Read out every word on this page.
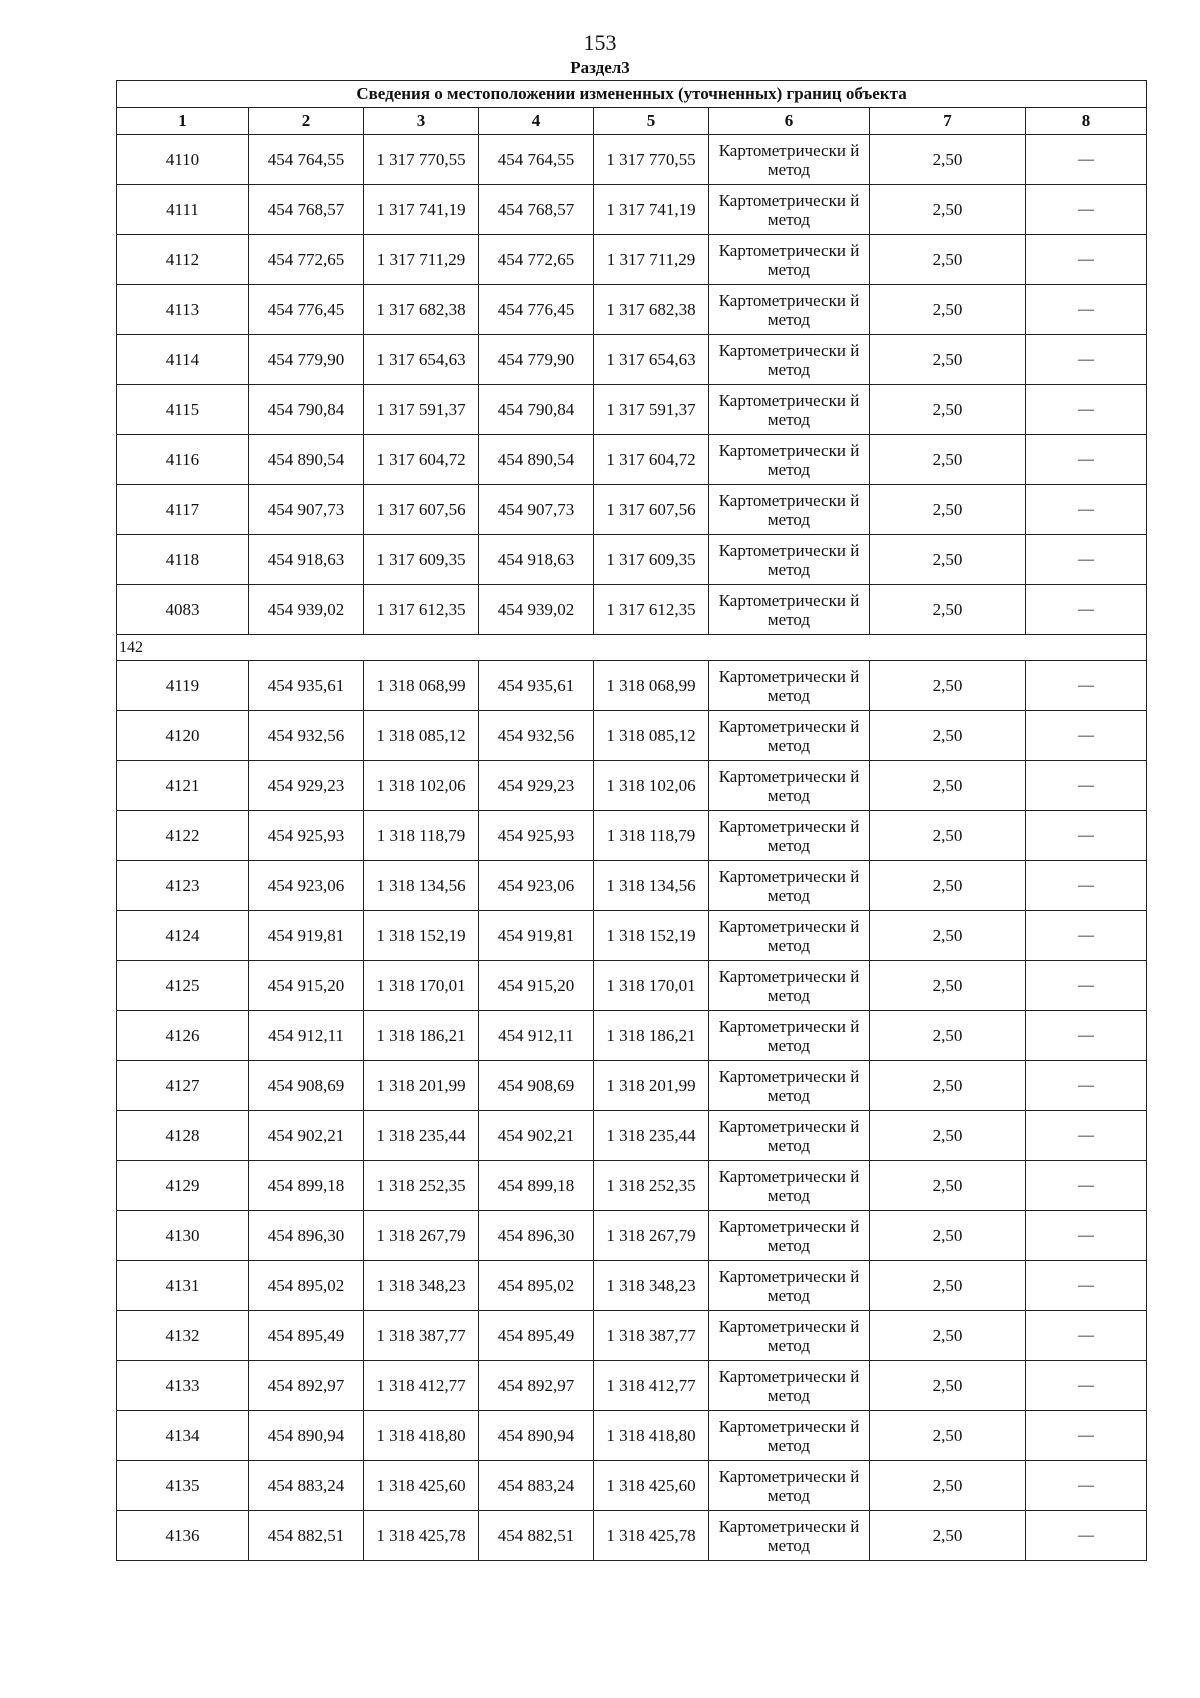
153
Раздел3
Сведения о местоположении измененных (уточненных) границ объекта							
1	2	3	4	5	6	7	8
4110	454 764,55	1 317 770,55	454 764,55	1 317 770,55	Картометрически й метод	2,50	—
4111	454 768,57	1 317 741,19	454 768,57	1 317 741,19	Картометрически й метод	2,50	—
4112	454 772,65	1 317 711,29	454 772,65	1 317 711,29	Картометрически й метод	2,50	—
4113	454 776,45	1 317 682,38	454 776,45	1 317 682,38	Картометрически й метод	2,50	—
4114	454 779,90	1 317 654,63	454 779,90	1 317 654,63	Картометрически й метод	2,50	—
4115	454 790,84	1 317 591,37	454 790,84	1 317 591,37	Картометрически й метод	2,50	—
4116	454 890,54	1 317 604,72	454 890,54	1 317 604,72	Картометрически й метод	2,50	—
4117	454 907,73	1 317 607,56	454 907,73	1 317 607,56	Картометрически й метод	2,50	—
4118	454 918,63	1 317 609,35	454 918,63	1 317 609,35	Картометрически й метод	2,50	—
4083	454 939,02	1 317 612,35	454 939,02	1 317 612,35	Картометрически й метод	2,50	—
142							
4119	454 935,61	1 318 068,99	454 935,61	1 318 068,99	Картометрически й метод	2,50	—
4120	454 932,56	1 318 085,12	454 932,56	1 318 085,12	Картометрически й метод	2,50	—
4121	454 929,23	1 318 102,06	454 929,23	1 318 102,06	Картометрически й метод	2,50	—
4122	454 925,93	1 318 118,79	454 925,93	1 318 118,79	Картометрически й метод	2,50	—
4123	454 923,06	1 318 134,56	454 923,06	1 318 134,56	Картометрически й метод	2,50	—
4124	454 919,81	1 318 152,19	454 919,81	1 318 152,19	Картометрически й метод	2,50	—
4125	454 915,20	1 318 170,01	454 915,20	1 318 170,01	Картометрически й метод	2,50	—
4126	454 912,11	1 318 186,21	454 912,11	1 318 186,21	Картометрически й метод	2,50	—
4127	454 908,69	1 318 201,99	454 908,69	1 318 201,99	Картометрически й метод	2,50	—
4128	454 902,21	1 318 235,44	454 902,21	1 318 235,44	Картометрически й метод	2,50	—
4129	454 899,18	1 318 252,35	454 899,18	1 318 252,35	Картометрически й метод	2,50	—
4130	454 896,30	1 318 267,79	454 896,30	1 318 267,79	Картометрически й метод	2,50	—
4131	454 895,02	1 318 348,23	454 895,02	1 318 348,23	Картометрически й метод	2,50	—
4132	454 895,49	1 318 387,77	454 895,49	1 318 387,77	Картометрически й метод	2,50	—
4133	454 892,97	1 318 412,77	454 892,97	1 318 412,77	Картометрически й метод	2,50	—
4134	454 890,94	1 318 418,80	454 890,94	1 318 418,80	Картометрически й метод	2,50	—
4135	454 883,24	1 318 425,60	454 883,24	1 318 425,60	Картометрически й метод	2,50	—
4136	454 882,51	1 318 425,78	454 882,51	1 318 425,78	Картометрически й метод	2,50	—
